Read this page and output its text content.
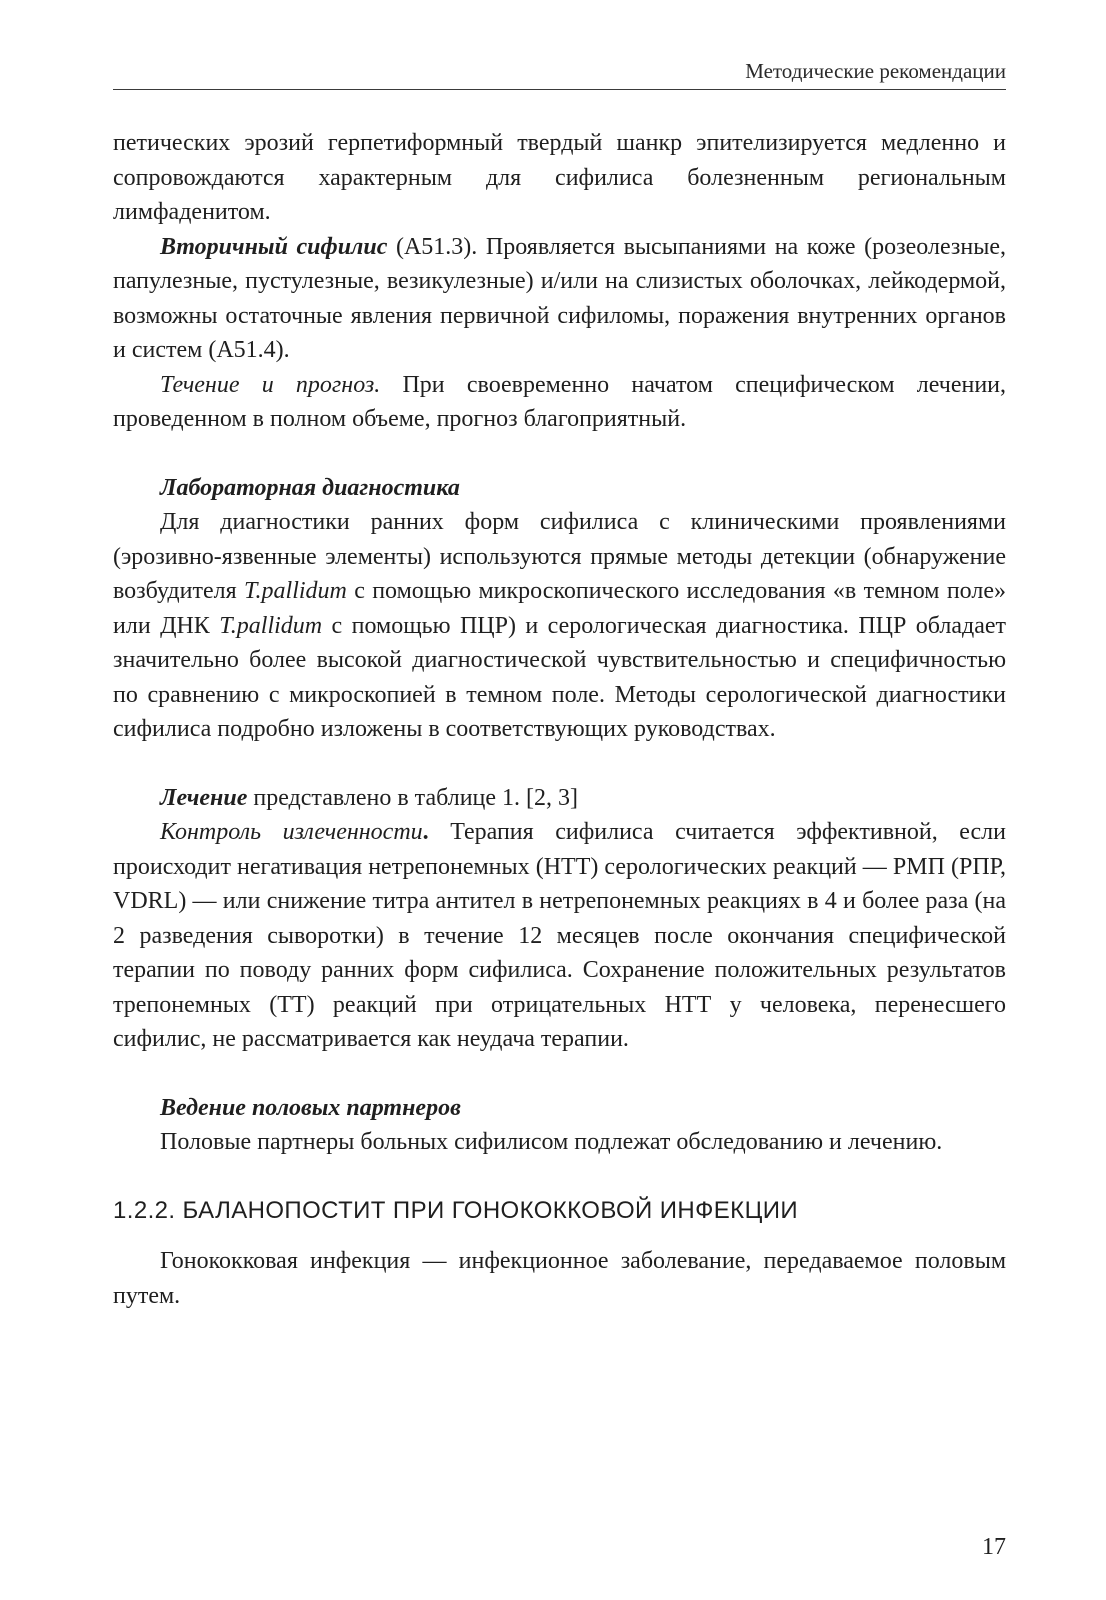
Методические рекомендации

петических эрозий герпетиформный твердый шанкр эпителизируется медленно и сопровождаются характерным для сифилиса болезненным региональным лимфаденитом.

Вторичный сифилис (А51.3). Проявляется высыпаниями на коже (розеолезные, папулезные, пустулезные, везикулезные) и/или на слизистых оболочках, лейкодермой, возможны остаточные явления первичной сифиломы, поражения внутренних органов и систем (А51.4).

Течение и прогноз. При своевременно начатом специфическом лечении, проведенном в полном объеме, прогноз благоприятный.

Лабораторная диагностика

Для диагностики ранних форм сифилиса с клиническими проявлениями (эрозивно-язвенные элементы) используются прямые методы детекции (обнаружение возбудителя T.pallidum с помощью микроскопического исследования «в темном поле» или ДНК T.pallidum с помощью ПЦР) и серологическая диагностика. ПЦР обладает значительно более высокой диагностической чувствительностью и специфичностью по сравнению с микроскопией в темном поле. Методы серологической диагностики сифилиса подробно изложены в соответствующих руководствах.

Лечение представлено в таблице 1. [2, 3]

Контроль излеченности. Терапия сифилиса считается эффективной, если происходит негативация нетрепонемных (НТТ) серологических реакций — РМП (РПР, VDRL) — или снижение титра антител в нетрепонемных реакциях в 4 и более раза (на 2 разведения сыворотки) в течение 12 месяцев после окончания специфической терапии по поводу ранних форм сифилиса. Сохранение положительных результатов трепонемных (ТТ) реакций при отрицательных НТТ у человека, перенесшего сифилис, не рассматривается как неудача терапии.

Ведение половых партнеров

Половые партнеры больных сифилисом подлежат обследованию и лечению.

1.2.2. БАЛАНОПОСТИТ ПРИ ГОНОКОККОВОЙ ИНФЕКЦИИ

Гонококковая инфекция — инфекционное заболевание, передаваемое половым путем.

17
